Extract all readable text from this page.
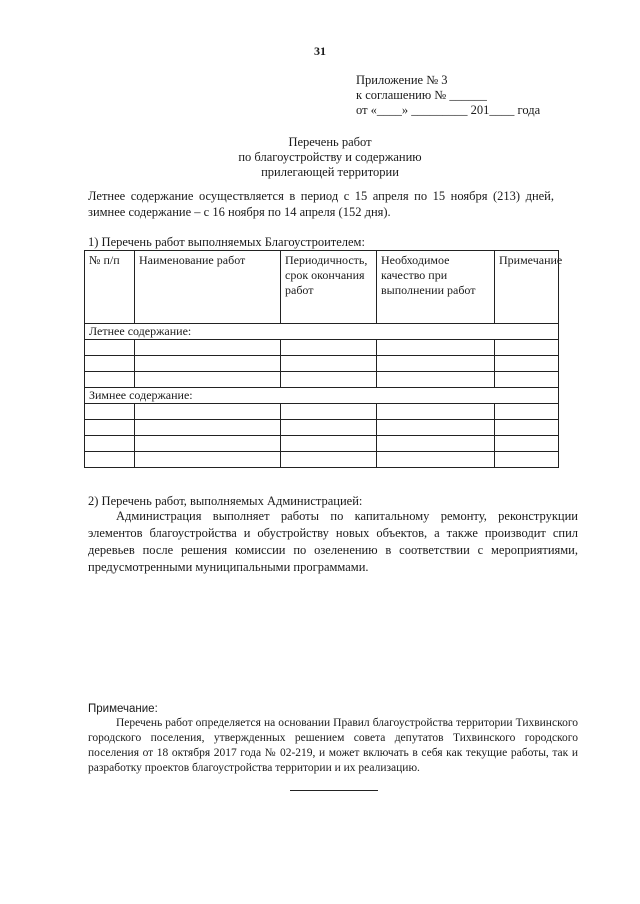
31
Приложение № 3
к соглашению № ______
от «____» _________ 201____ года
Перечень работ
по благоустройству и содержанию
прилегающей территории
Летнее содержание осуществляется в период с 15 апреля по 15 ноября (213) дней, зимнее содержание – с 16 ноября по 14 апреля (152 дня).
1) Перечень работ выполняемых Благоустроителем:
№ п/п	Наименование работ	Периодичность, срок окончания работ	Необходимое качество при выполнении работ	Примечание
Летнее содержание:				

Зимнее содержание:				

2) Перечень работ, выполняемых Администрацией:
Администрация выполняет работы по капитальному ремонту, реконструкции элементов благоустройства и обустройству новых объектов, а также производит спил деревьев после решения комиссии по озеленению в соответствии с мероприятиями, предусмотренными муниципальными программами.
Примечание:
Перечень работ определяется на основании Правил благоустройства территории Тихвинского городского поселения, утвержденных решением совета депутатов Тихвинского городского поселения от 18 октября 2017 года № 02-219, и может включать в себя как текущие работы, так и разработку проектов благоустройства территории и их реализацию.
